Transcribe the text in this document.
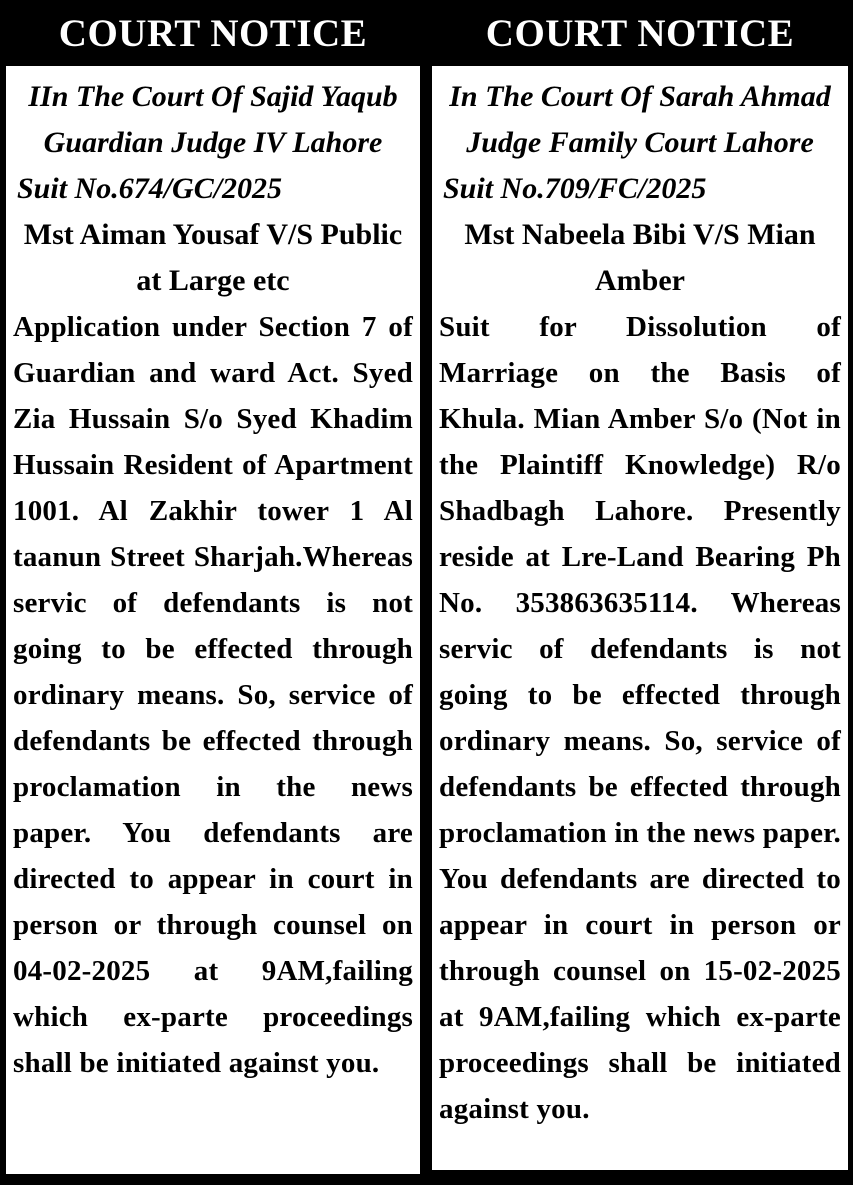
COURT NOTICE

IIn The Court Of Sajid Yaqub Guardian Judge IV Lahore

Suit No.674/GC/2025

Mst Aiman Yousaf V/S Public at Large etc

Application under Section 7 of Guardian and ward Act. Syed Zia Hussain S/o Syed Khadim Hussain Resident of Apartment 1001. Al Zakhir tower 1 Al taanun Street Sharjah.Whereas servic of defendants is not going to be effected through ordinary means. So, service of defendants be effected through proclamation in the news paper. You defendants are directed to appear in court in person or through counsel on 04-02-2025 at 9AM,failing which ex-parte proceedings shall be initiated against you.

COURT NOTICE

In The Court Of Sarah Ahmad Judge Family Court Lahore

Suit No.709/FC/2025

Mst Nabeela Bibi V/S Mian Amber

Suit for Dissolution of Marriage on the Basis of Khula. Mian Amber S/o (Not in the Plaintiff Knowledge) R/o Shadbagh Lahore. Presently reside at Lre-Land Bearing Ph No. 353863635114. Whereas servic of defendants is not going to be effected through ordinary means. So, service of defendants be effected through proclamation in the news paper. You defendants are directed to appear in court in person or through counsel on 15-02-2025 at 9AM,failing which ex-parte proceedings shall be initiated against you.
